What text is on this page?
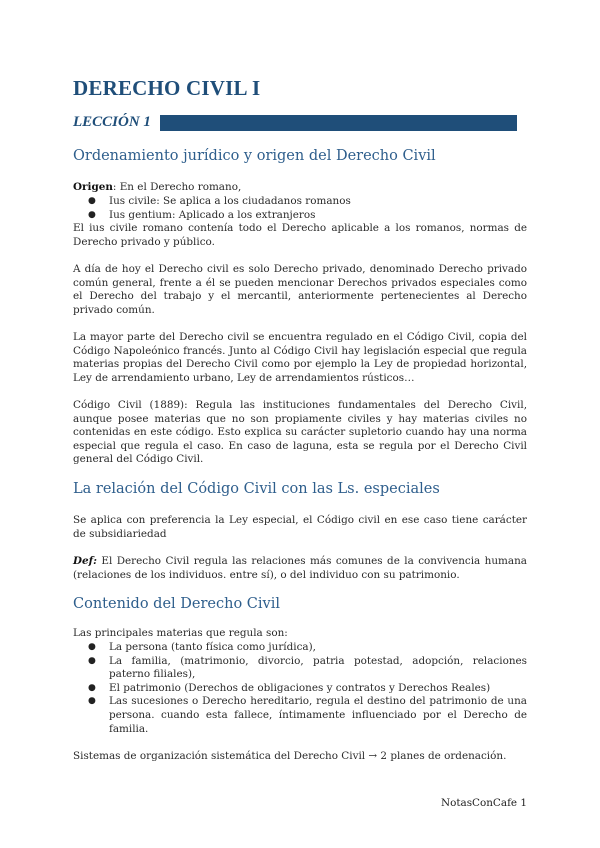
DERECHO CIVIL I
LECCIÓN 1
Ordenamiento jurídico y origen del Derecho Civil

Origen: En el Derecho romano,

● Ius civile: Se aplica a los ciudadanos romanos
● Ius gentium: Aplicado a los extranjeros

El ius civile romano contenía todo el Derecho aplicable a los romanos, normas de Derecho privado y público.

A día de hoy el Derecho civil es solo Derecho privado, denominado Derecho privado común general, frente a él se pueden mencionar Derechos privados especiales como el Derecho del trabajo y el mercantil, anteriormente pertenecientes al Derecho privado común.

La mayor parte del Derecho civil se encuentra regulado en el Código Civil, copia del Código Napoleónico francés. Junto al Código Civil hay legislación especial que regula materias propias del Derecho Civil como por ejemplo la Ley de propiedad horizontal, Ley de arrendamiento urbano, Ley de arrendamientos rústicos…

Código Civil (1889): Regula las instituciones fundamentales del Derecho Civil, aunque posee materias que no son propiamente civiles y hay materias civiles no contenidas en este código. Esto explica su carácter supletorio cuando hay una norma especial que regula el caso. En caso de laguna, esta se regula por el Derecho Civil general del Código Civil.

La relación del Código Civil con las Ls. especiales

Se aplica con preferencia la Ley especial, el Código civil en ese caso tiene carácter de subsidiariedad

Def: El Derecho Civil regula las relaciones más comunes de la convivencia humana (relaciones de los individuos. entre sí), o del individuo con su patrimonio.

Contenido del Derecho Civil

Las principales materias que regula son:

● La persona (tanto física como jurídica),
● La familia, (matrimonio, divorcio, patria potestad, adopción, relaciones paterno filiales),
● El patrimonio (Derechos de obligaciones y contratos y Derechos Reales)
● Las sucesiones o Derecho hereditario, regula el destino del patrimonio de una persona. cuando esta fallece, íntimamente influenciado por el Derecho de familia.

Sistemas de organización sistemática del Derecho Civil → 2 planes de ordenación.

NotasConCafe 1
